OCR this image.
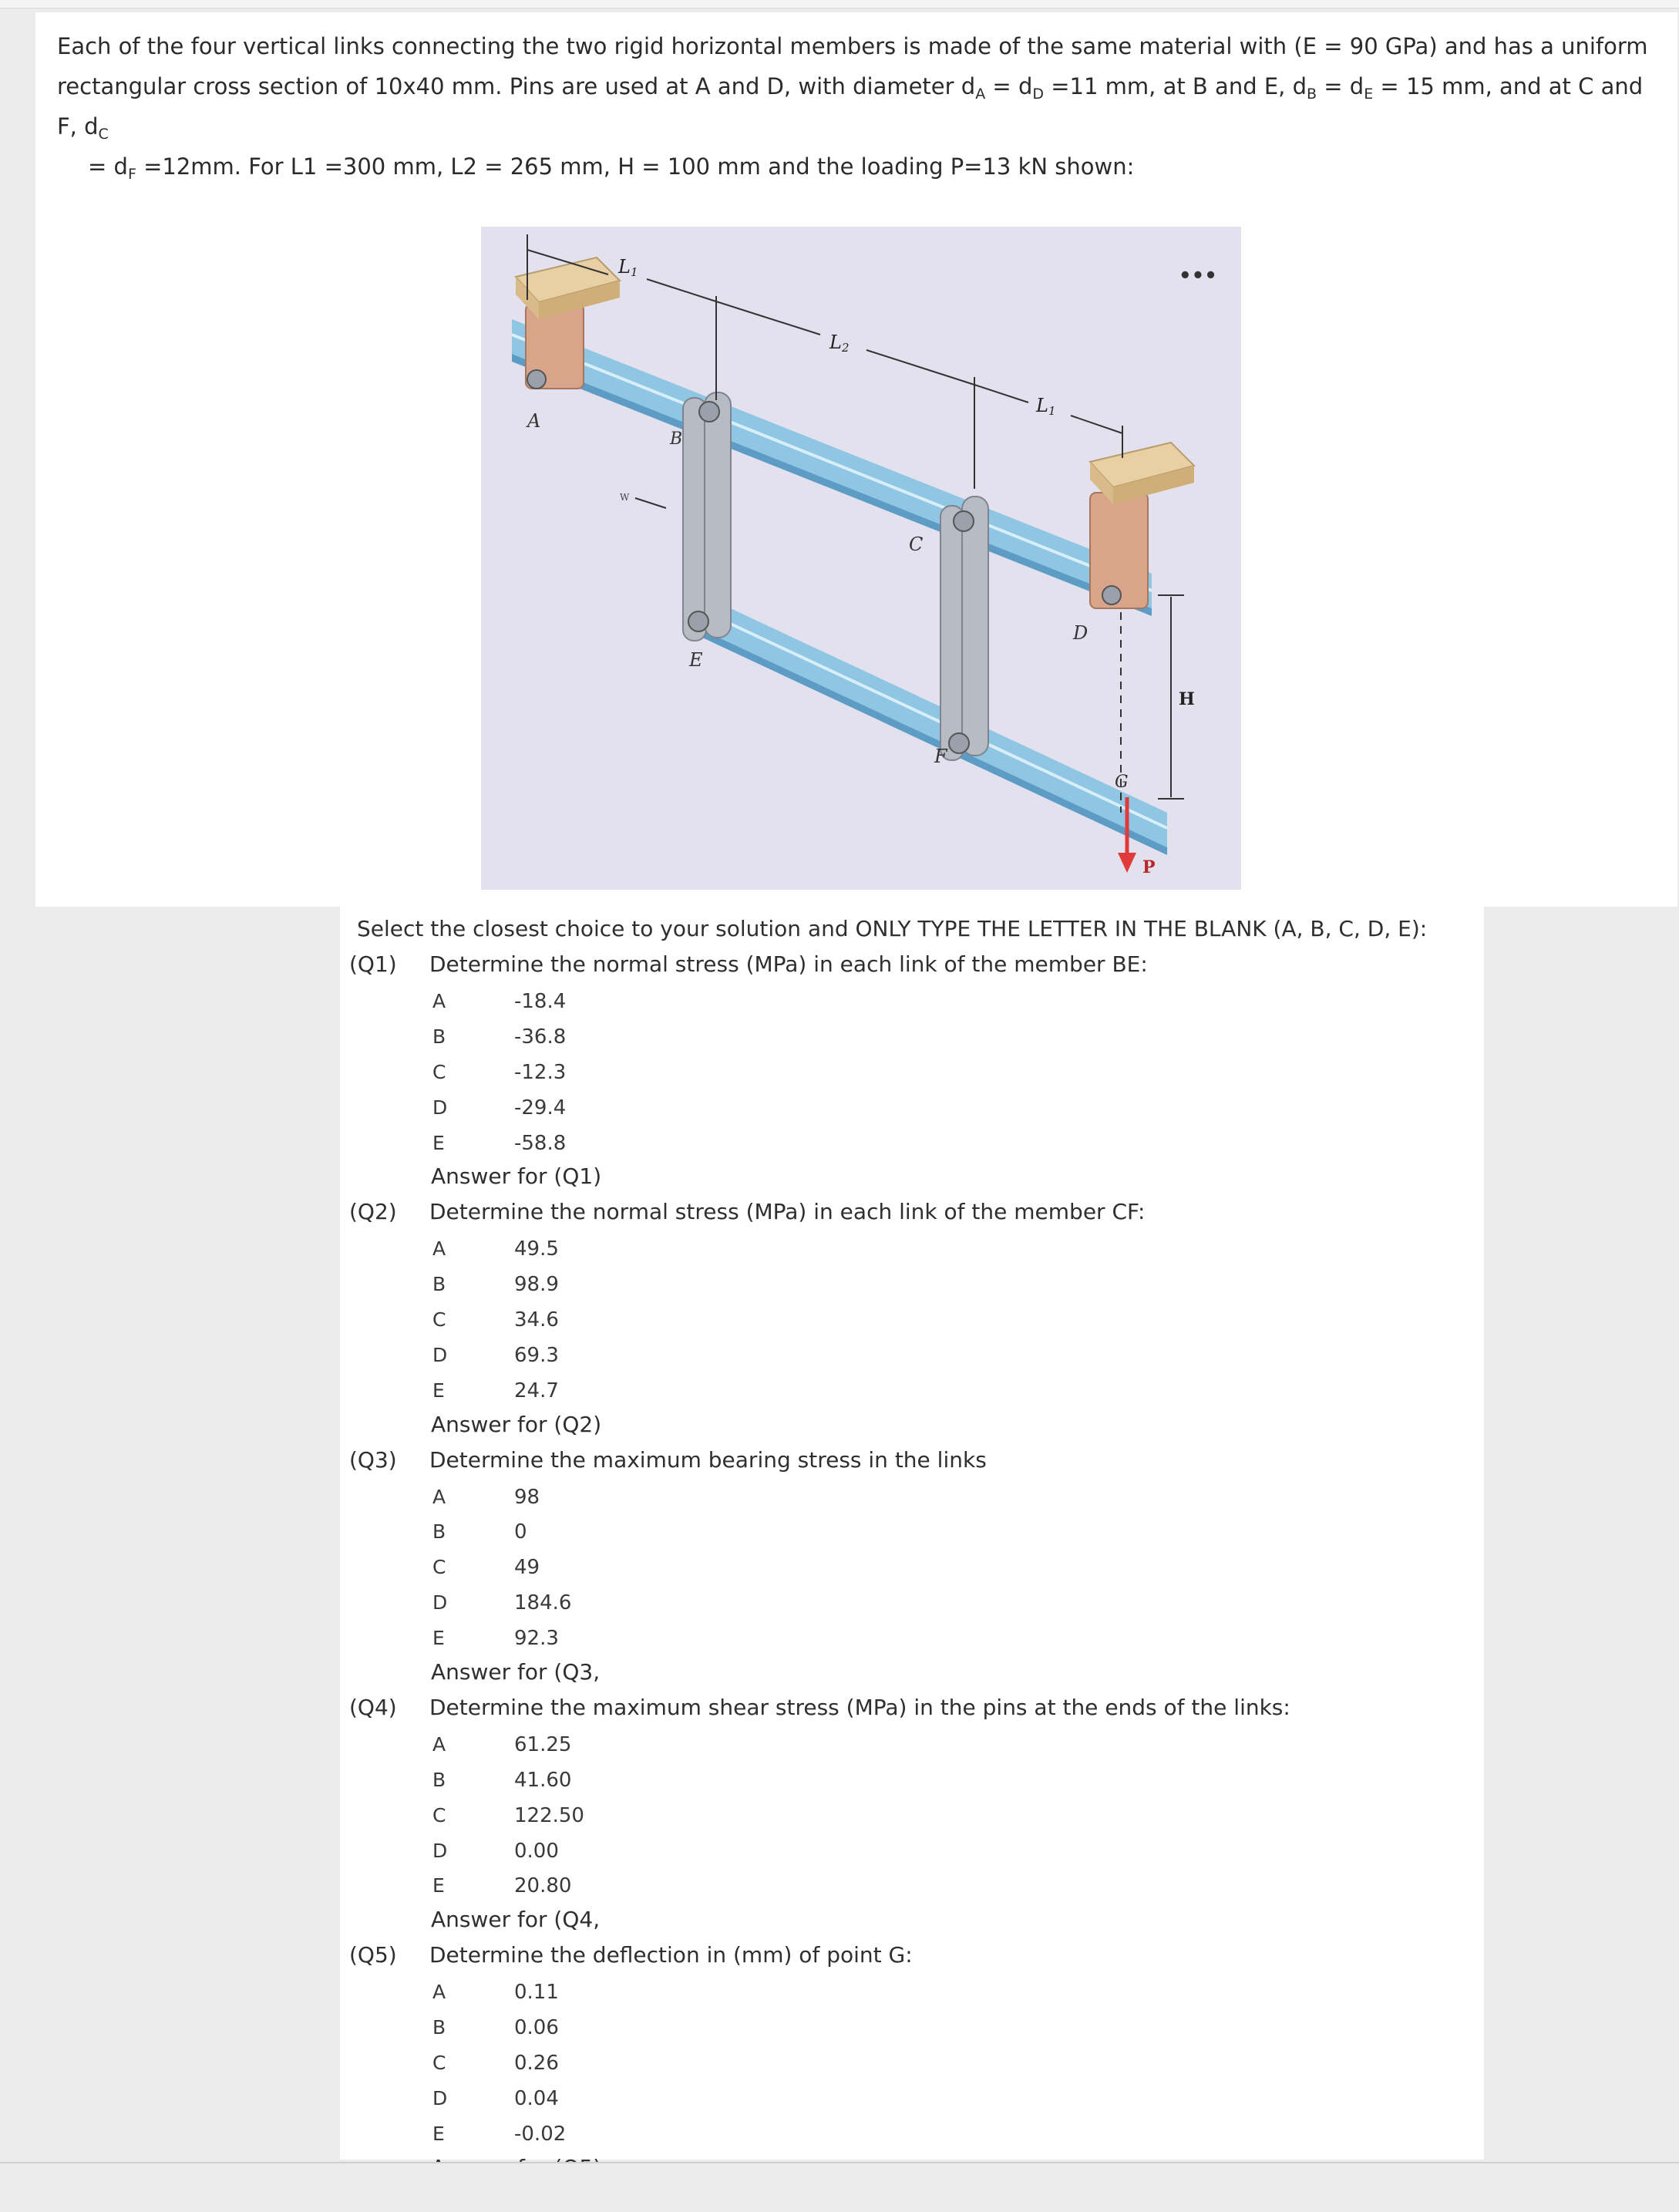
Each of the four vertical links connecting the two rigid horizontal members is made of the same material with (E = 90 GPa) and has a uniform
rectangular cross section of 10x40 mm. Pins are used at A and D, with diameter $d_A = d_D =11$ mm, at B and E, $d_B = d_E = 15$ mm, and at C and
F, $d_C$
= $d_F =12mm$. For L1 =300 mm, L2 = 265 mm, H = 100 mm and the loading P=13 kN shown:
L1
L2
L1
A
B
C
D
E
F
G
H
P
W
•••
Select the closest choice to your solution and ONLY TYPE THE LETTER IN THE BLANK (A, B, C, D, E):
(Q1) Determine the normal stress (MPa) in each link of the member BE:
A	-18.4
B	-36.8
C	-12.3
D	-29.4
E	-58.8
Answer for (Q1)
(Q2) Determine the normal stress (MPa) in each link of the member CF:
A	49.5
B	98.9
C	34.6
D	69.3
E	24.7
Answer for (Q2)
(Q3) Determine the maximum bearing stress in the links
A	98
B	0
C	49
D	184.6
E	92.3
Answer for (Q3,
(Q4) Determine the maximum shear stress (MPa) in the pins at the ends of the links:
A	61.25
B	41.60
C	122.50
D	0.00
E	20.80
Answer for (Q4,
(Q5) Determine the deflection in (mm) of point G:
A	0.11
B	0.06
C	0.26
D	0.04
E	-0.02
